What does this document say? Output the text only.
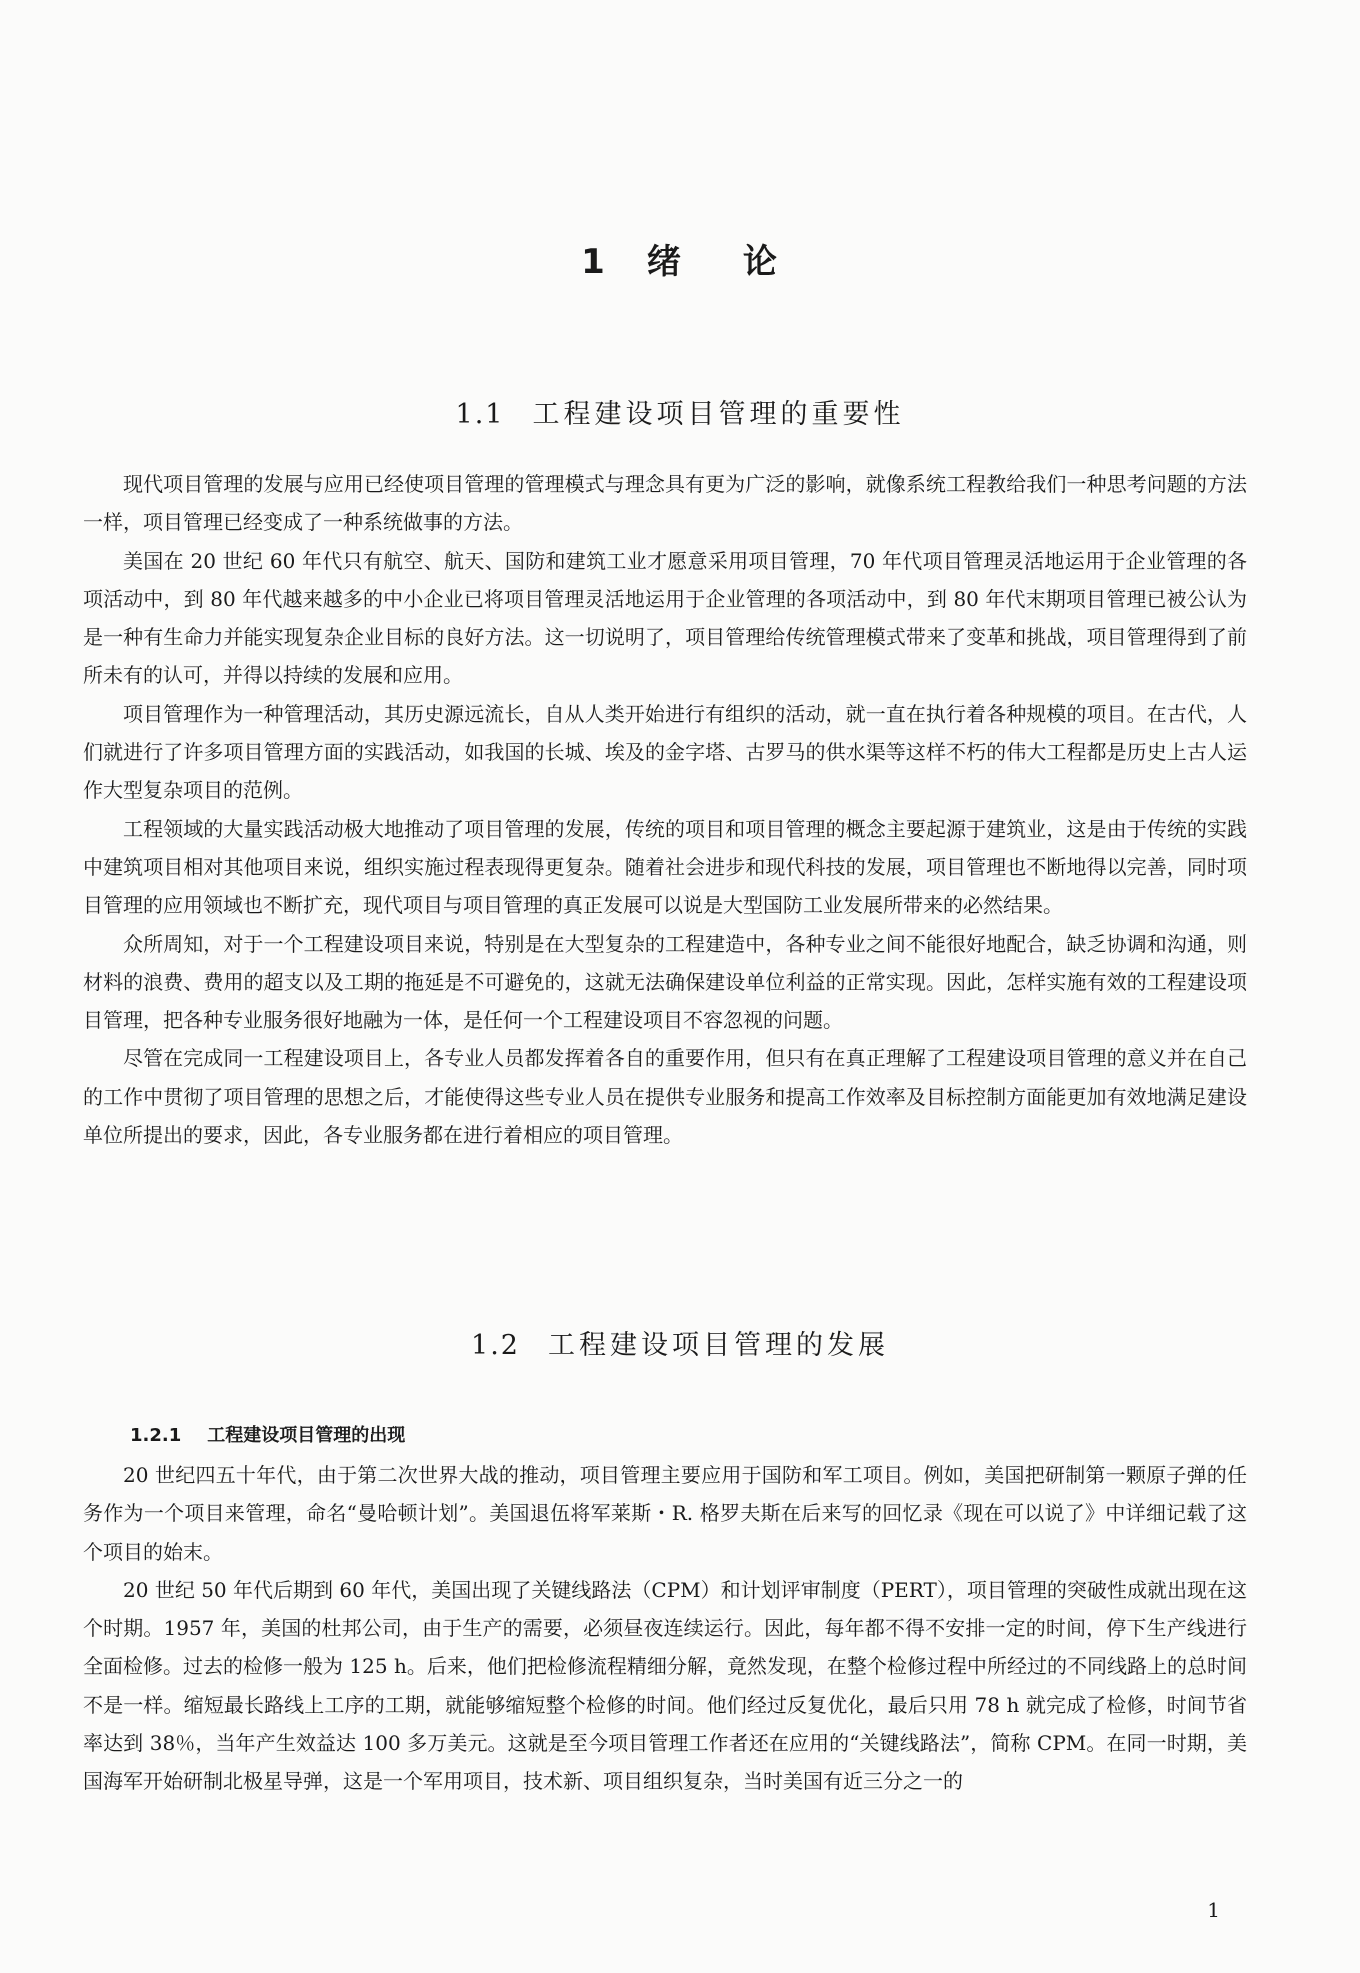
1 绪 论
1.1 工程建设项目管理的重要性

现代项目管理的发展与应用已经使项目管理的管理模式与理念具有更为广泛的影响，就像系统工程教给我们一种思考问题的方法一样，项目管理已经变成了一种系统做事的方法。

美国在 20 世纪 60 年代只有航空、航天、国防和建筑工业才愿意采用项目管理，70 年代项目管理灵活地运用于企业管理的各项活动中，到 80 年代越来越多的中小企业已将项目管理灵活地运用于企业管理的各项活动中，到 80 年代末期项目管理已被公认为是一种有生命力并能实现复杂企业目标的良好方法。这一切说明了，项目管理给传统管理模式带来了变革和挑战，项目管理得到了前所未有的认可，并得以持续的发展和应用。

项目管理作为一种管理活动，其历史源远流长，自从人类开始进行有组织的活动，就一直在执行着各种规模的项目。在古代，人们就进行了许多项目管理方面的实践活动，如我国的长城、埃及的金字塔、古罗马的供水渠等这样不朽的伟大工程都是历史上古人运作大型复杂项目的范例。

工程领域的大量实践活动极大地推动了项目管理的发展，传统的项目和项目管理的概念主要起源于建筑业，这是由于传统的实践中建筑项目相对其他项目来说，组织实施过程表现得更复杂。随着社会进步和现代科技的发展，项目管理也不断地得以完善，同时项目管理的应用领域也不断扩充，现代项目与项目管理的真正发展可以说是大型国防工业发展所带来的必然结果。

众所周知，对于一个工程建设项目来说，特别是在大型复杂的工程建造中，各种专业之间不能很好地配合，缺乏协调和沟通，则材料的浪费、费用的超支以及工期的拖延是不可避免的，这就无法确保建设单位利益的正常实现。因此，怎样实施有效的工程建设项目管理，把各种专业服务很好地融为一体，是任何一个工程建设项目不容忽视的问题。

尽管在完成同一工程建设项目上，各专业人员都发挥着各自的重要作用，但只有在真正理解了工程建设项目管理的意义并在自己的工作中贯彻了项目管理的思想之后，才能使得这些专业人员在提供专业服务和提高工作效率及目标控制方面能更加有效地满足建设单位所提出的要求，因此，各专业服务都在进行着相应的项目管理。

1.2 工程建设项目管理的发展
1.2.1 工程建设项目管理的出现

20 世纪四五十年代，由于第二次世界大战的推动，项目管理主要应用于国防和军工项目。例如，美国把研制第一颗原子弹的任务作为一个项目来管理，命名“曼哈顿计划”。美国退伍将军莱斯・R. 格罗夫斯在后来写的回忆录《现在可以说了》中详细记载了这个项目的始末。

20 世纪 50 年代后期到 60 年代，美国出现了关键线路法（CPM）和计划评审制度（PERT），项目管理的突破性成就出现在这个时期。1957 年，美国的杜邦公司，由于生产的需要，必须昼夜连续运行。因此，每年都不得不安排一定的时间，停下生产线进行全面检修。过去的检修一般为 125 h。后来，他们把检修流程精细分解，竟然发现，在整个检修过程中所经过的不同线路上的总时间不是一样。缩短最长路线上工序的工期，就能够缩短整个检修的时间。他们经过反复优化，最后只用 78 h 就完成了检修，时间节省率达到 38％，当年产生效益达 100 多万美元。这就是至今项目管理工作者还在应用的“关键线路法”，简称 CPM。在同一时期，美国海军开始研制北极星导弹，这是一个军用项目，技术新、项目组织复杂，当时美国有近三分之一的

1
